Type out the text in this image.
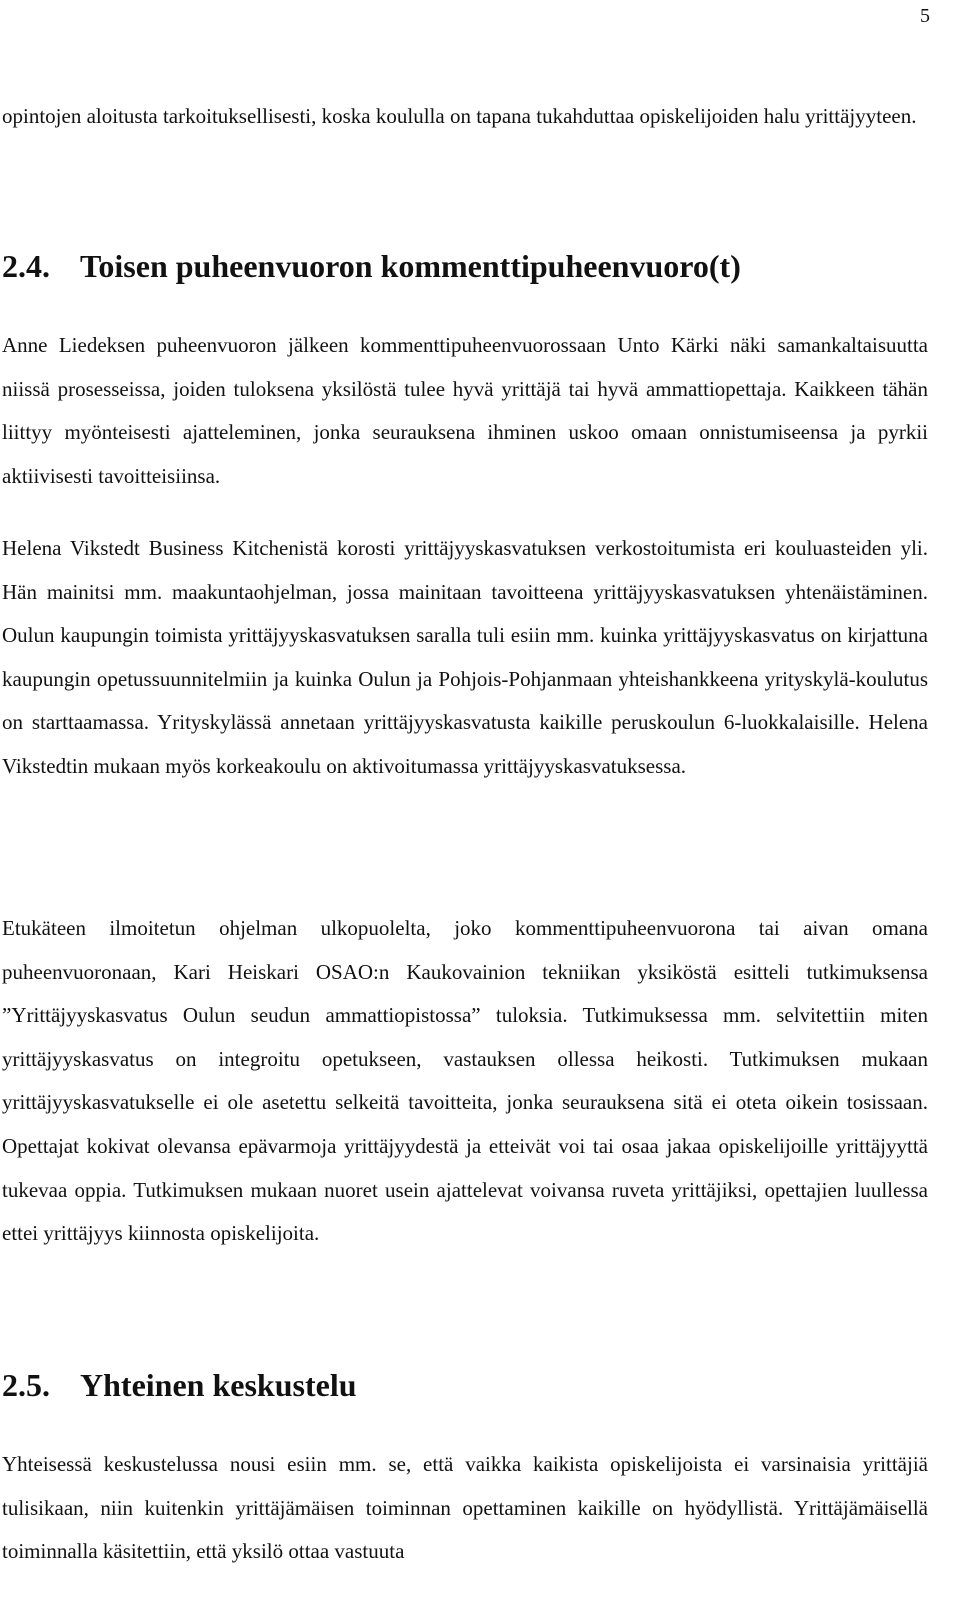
5

opintojen aloitusta tarkoituksellisesti, koska koululla on tapana tukahduttaa opiskelijoiden halu yrittäjyyteen.

2.4. Toisen puheenvuoron kommenttipuheenvuoro(t)

Anne Liedeksen puheenvuoron jälkeen kommenttipuheenvuorossaan Unto Kärki näki samankaltaisuutta niissä prosesseissa, joiden tuloksena yksilöstä tulee hyvä yrittäjä tai hyvä ammattiopettaja. Kaikkeen tähän liittyy myönteisesti ajatteleminen, jonka seurauksena ihminen uskoo omaan onnistumiseensa ja pyrkii aktiivisesti tavoitteisiinsa.

Helena Vikstedt Business Kitchenistä korosti yrittäjyyskasvatuksen verkostoitumista eri kouluasteiden yli. Hän mainitsi mm. maakuntaohjelman, jossa mainitaan tavoitteena yrittäjyyskasvatuksen yhtenäistäminen. Oulun kaupungin toimista yrittäjyyskasvatuksen saralla tuli esiin mm. kuinka yrittäjyyskasvatus on kirjattuna kaupungin opetussuunnitelmiin ja kuinka Oulun ja Pohjois-Pohjanmaan yhteishankkeena yrityskylä-koulutus on starttaamassa. Yrityskylässä annetaan yrittäjyyskasvatusta kaikille peruskoulun 6-luokkalaisille. Helena Vikstedtin mukaan myös korkeakoulu on aktivoitumassa yrittäjyyskasvatuksessa.

Etukäteen ilmoitetun ohjelman ulkopuolelta, joko kommenttipuheenvuorona tai aivan omana puheenvuoronaan, Kari Heiskari OSAO:n Kaukovainion tekniikan yksiköstä esitteli tutkimuksensa ”Yrittäjyyskasvatus Oulun seudun ammattiopistossa” tuloksia. Tutkimuksessa mm. selvitettiin miten yrittäjyyskasvatus on integroitu opetukseen, vastauksen ollessa heikosti. Tutkimuksen mukaan yrittäjyyskasvatukselle ei ole asetettu selkeitä tavoitteita, jonka seurauksena sitä ei oteta oikein tosissaan. Opettajat kokivat olevansa epävarmoja yrittäjyydestä ja etteivät voi tai osaa jakaa opiskelijoille yrittäjyyttä tukevaa oppia. Tutkimuksen mukaan nuoret usein ajattelevat voivansa ruveta yrittäjiksi, opettajien luullessa ettei yrittäjyys kiinnosta opiskelijoita.

2.5. Yhteinen keskustelu

Yhteisessä keskustelussa nousi esiin mm. se, että vaikka kaikista opiskelijoista ei varsinaisia yrittäjiä tulisikaan, niin kuitenkin yrittäjämäisen toiminnan opettaminen kaikille on hyödyllistä. Yrittäjämäisellä toiminnalla käsitettiin, että yksilö ottaa vastuuta
